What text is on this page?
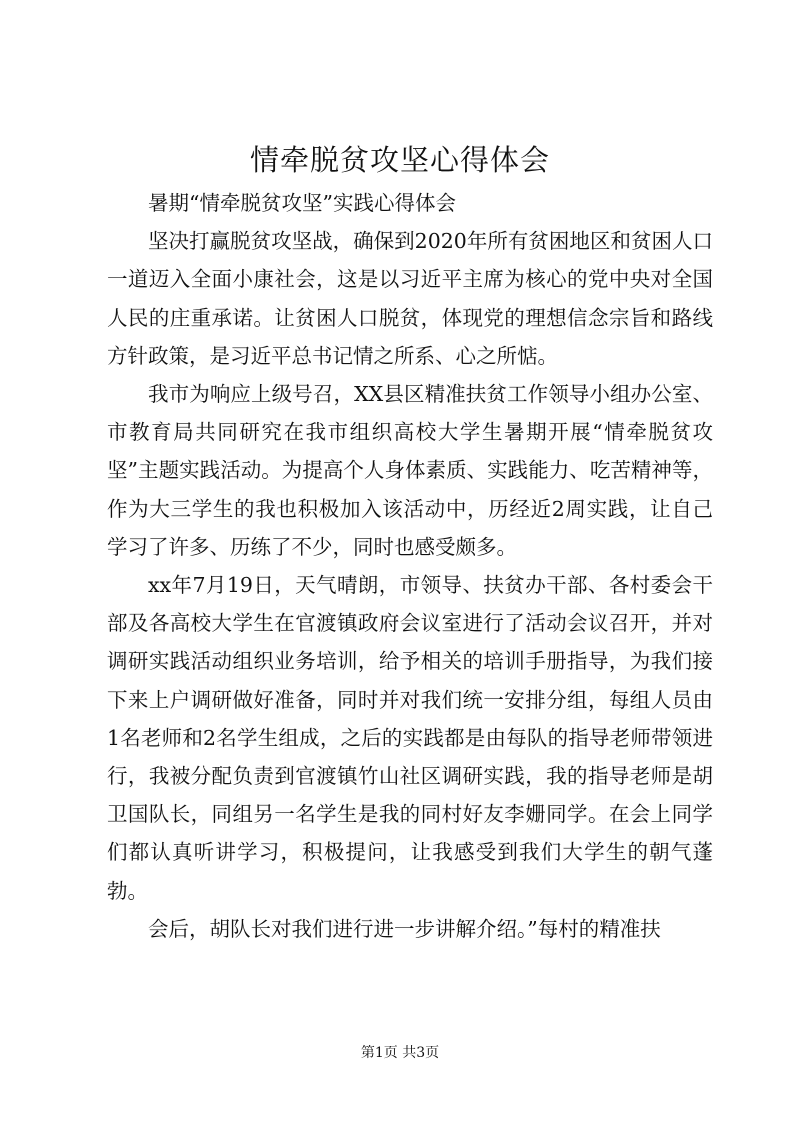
情牵脱贫攻坚心得体会

暑期“情牵脱贫攻坚”实践心得体会

坚决打赢脱贫攻坚战，确保到2020年所有贫困地区和贫困人口一道迈入全面小康社会，这是以习近平主席为核心的党中央对全国人民的庄重承诺。让贫困人口脱贫，体现党的理想信念宗旨和路线方针政策，是习近平总书记情之所系、心之所惦。

我市为响应上级号召，XX县区精准扶贫工作领导小组办公室、市教育局共同研究在我市组织高校大学生暑期开展“情牵脱贫攻坚”主题实践活动。为提高个人身体素质、实践能力、吃苦精神等，作为大三学生的我也积极加入该活动中，历经近2周实践，让自己学习了许多、历练了不少，同时也感受颇多。

xx年7月19日，天气晴朗，市领导、扶贫办干部、各村委会干部及各高校大学生在官渡镇政府会议室进行了活动会议召开，并对调研实践活动组织业务培训，给予相关的培训手册指导，为我们接下来上户调研做好准备，同时并对我们统一安排分组，每组人员由1名老师和2名学生组成，之后的实践都是由每队的指导老师带领进行，我被分配负责到官渡镇竹山社区调研实践，我的指导老师是胡卫国队长，同组另一名学生是我的同村好友李姗同学。在会上同学们都认真听讲学习，积极提问，让我感受到我们大学生的朝气蓬勃。

会后，胡队长对我们进行进一步讲解介绍。”每村的精准扶

第1页 共3页
